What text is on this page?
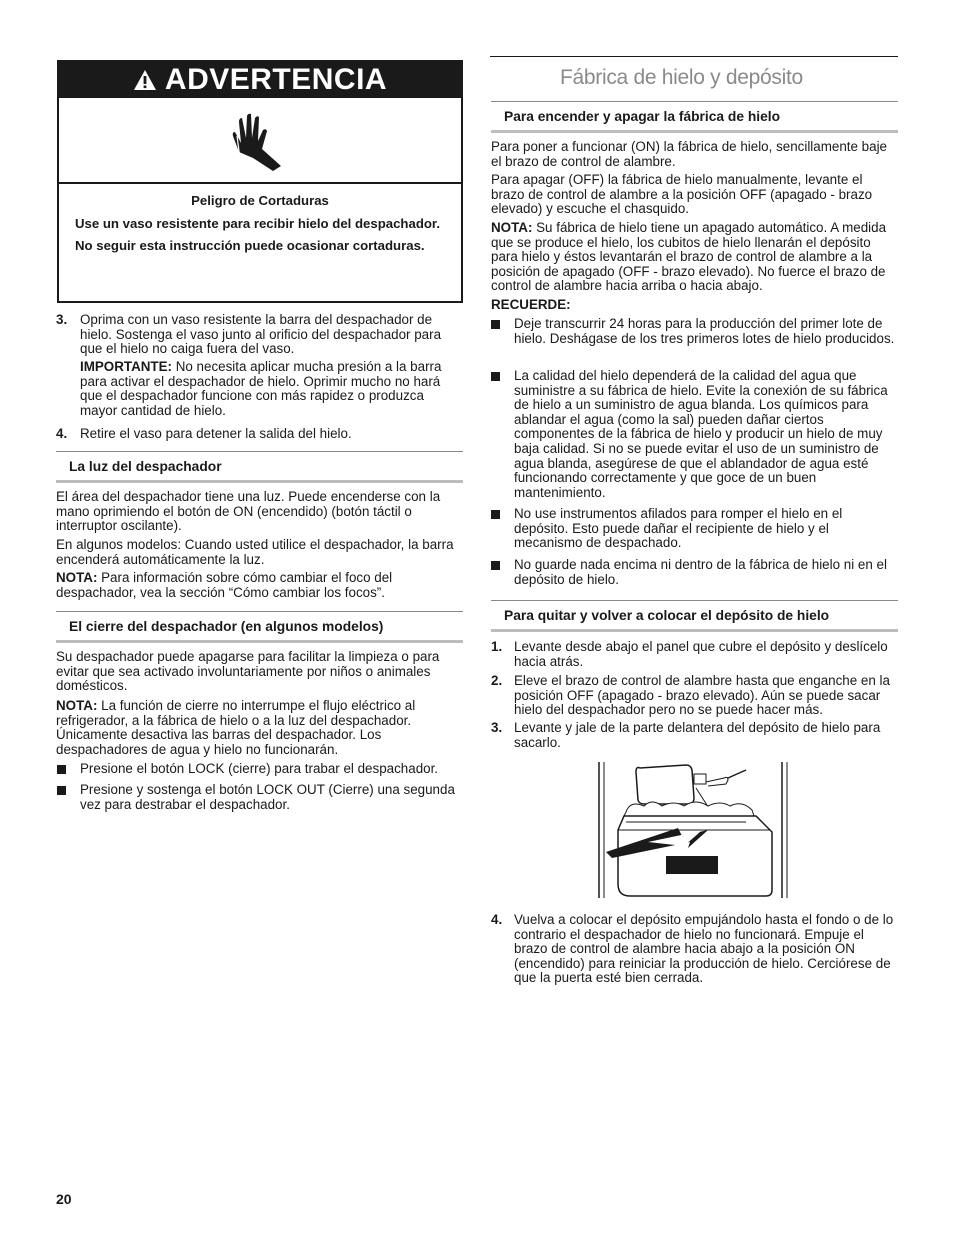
ADVERTENCIA

Peligro de Cortaduras

Use un vaso resistente para recibir hielo del despachador.

No seguir esta instrucción puede ocasionar cortaduras.

3. Oprima con un vaso resistente la barra del despachador de hielo. Sostenga el vaso junto al orificio del despachador para que el hielo no caiga fuera del vaso.

IMPORTANTE: No necesita aplicar mucha presión a la barra para activar el despachador de hielo. Oprimir mucho no hará que el despachador funcione con más rapidez o produzca mayor cantidad de hielo.

4. Retire el vaso para detener la salida del hielo.

La luz del despachador

El área del despachador tiene una luz. Puede encenderse con la mano oprimiendo el botón de ON (encendido) (botón táctil o interruptor oscilante).

En algunos modelos: Cuando usted utilice el despachador, la barra encenderá automáticamente la luz.

NOTA: Para información sobre cómo cambiar el foco del despachador, vea la sección “Cómo cambiar los focos”.

El cierre del despachador (en algunos modelos)

Su despachador puede apagarse para facilitar la limpieza o para evitar que sea activado involuntariamente por niños o animales domésticos.

NOTA: La función de cierre no interrumpe el flujo eléctrico al refrigerador, a la fábrica de hielo o a la luz del despachador. Únicamente desactiva las barras del despachador. Los despachadores de agua y hielo no funcionarán.

Presione el botón LOCK (cierre) para trabar el despachador.

Presione y sostenga el botón LOCK OUT (Cierre) una segunda vez para destrabar el despachador.

Fábrica de hielo y depósito
Para encender y apagar la fábrica de hielo

Para poner a funcionar (ON) la fábrica de hielo, sencillamente baje el brazo de control de alambre.

Para apagar (OFF) la fábrica de hielo manualmente, levante el brazo de control de alambre a la posición OFF (apagado - brazo elevado) y escuche el chasquido.

NOTA: Su fábrica de hielo tiene un apagado automático. A medida que se produce el hielo, los cubitos de hielo llenarán el depósito para hielo y éstos levantarán el brazo de control de alambre a la posición de apagado (OFF - brazo elevado). No fuerce el brazo de control de alambre hacia arriba o hacia abajo.

RECUERDE:

Deje transcurrir 24 horas para la producción del primer lote de hielo. Deshágase de los tres primeros lotes de hielo producidos.

La calidad del hielo dependerá de la calidad del agua que suministre a su fábrica de hielo. Evite la conexión de su fábrica de hielo a un suministro de agua blanda. Los químicos para ablandar el agua (como la sal) pueden dañar ciertos componentes de la fábrica de hielo y producir un hielo de muy baja calidad. Si no se puede evitar el uso de un suministro de agua blanda, asegúrese de que el ablandador de agua esté funcionando correctamente y que goce de un buen mantenimiento.

No use instrumentos afilados para romper el hielo en el depósito. Esto puede dañar el recipiente de hielo y el mecanismo de despachado.

No guarde nada encima ni dentro de la fábrica de hielo ni en el depósito de hielo.

Para quitar y volver a colocar el depósito de hielo
1. Levante desde abajo el panel que cubre el depósito y deslícelo hacia atrás.

2. Eleve el brazo de control de alambre hasta que enganche en la posición OFF (apagado - brazo elevado). Aún se puede sacar hielo del despachador pero no se puede hacer más.

3. Levante y jale de la parte delantera del depósito de hielo para sacarlo.

4. Vuelva a colocar el depósito empujándolo hasta el fondo o de lo contrario el despachador de hielo no funcionará. Empuje el brazo de control de alambre hacia abajo a la posición ON (encendido) para reiniciar la producción de hielo. Cerciórese de que la puerta esté bien cerrada.

20
